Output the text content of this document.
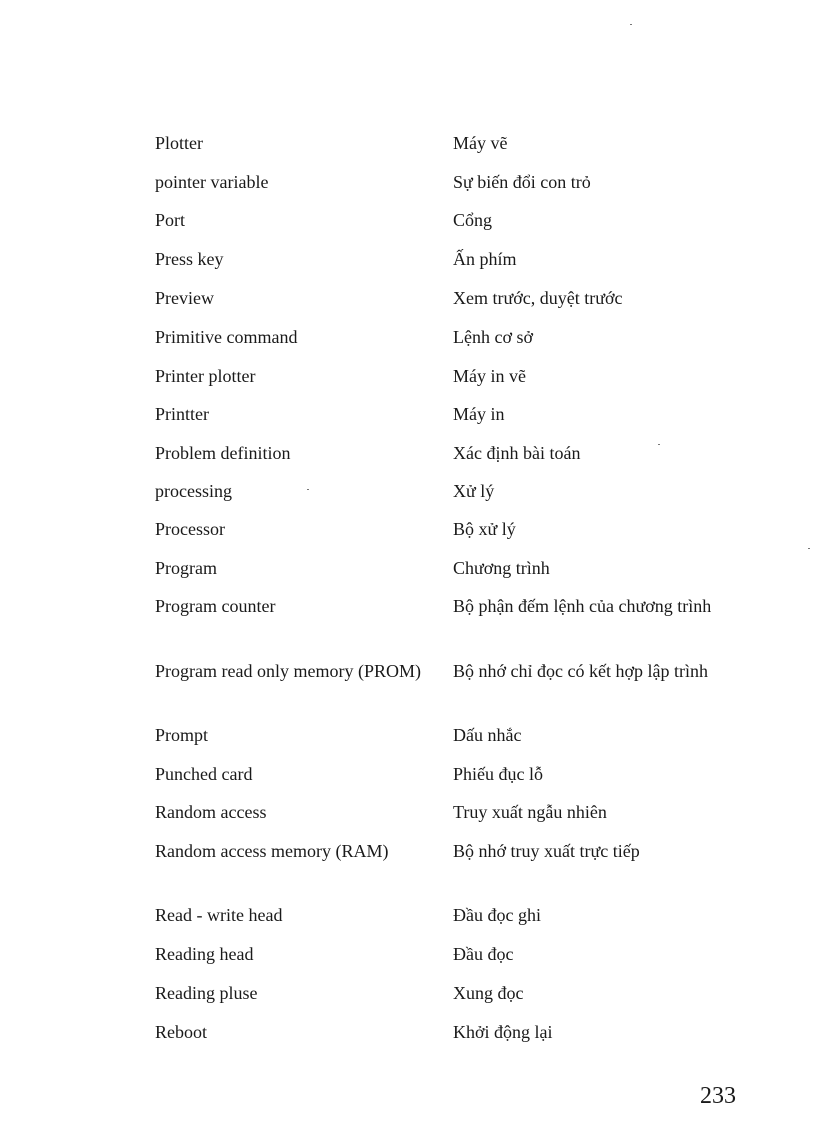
Plotter	Máy vẽ
pointer variable	Sự biến đổi con trỏ
Port	Cổng
Press key	Ấn phím
Preview	Xem trước, duyệt trước
Primitive command	Lệnh cơ sở
Printer plotter	Máy in vẽ
Printter	Máy in
Problem definition	Xác định bài toán
processing	Xử lý
Processor	Bộ xử lý
Program	Chương trình
Program counter	Bộ phận đếm lệnh của chương trình
Program read only memory (PROM)	Bộ nhớ chỉ đọc có kết hợp lập trình
Prompt	Dấu nhắc
Punched card	Phiếu đục lỗ
Random access	Truy xuất ngẫu nhiên
Random access memory (RAM)	Bộ nhớ truy xuất trực tiếp
Read - write head	Đầu đọc ghi
Reading head	Đầu đọc
Reading pluse	Xung đọc
Reboot	Khởi động lại
233
